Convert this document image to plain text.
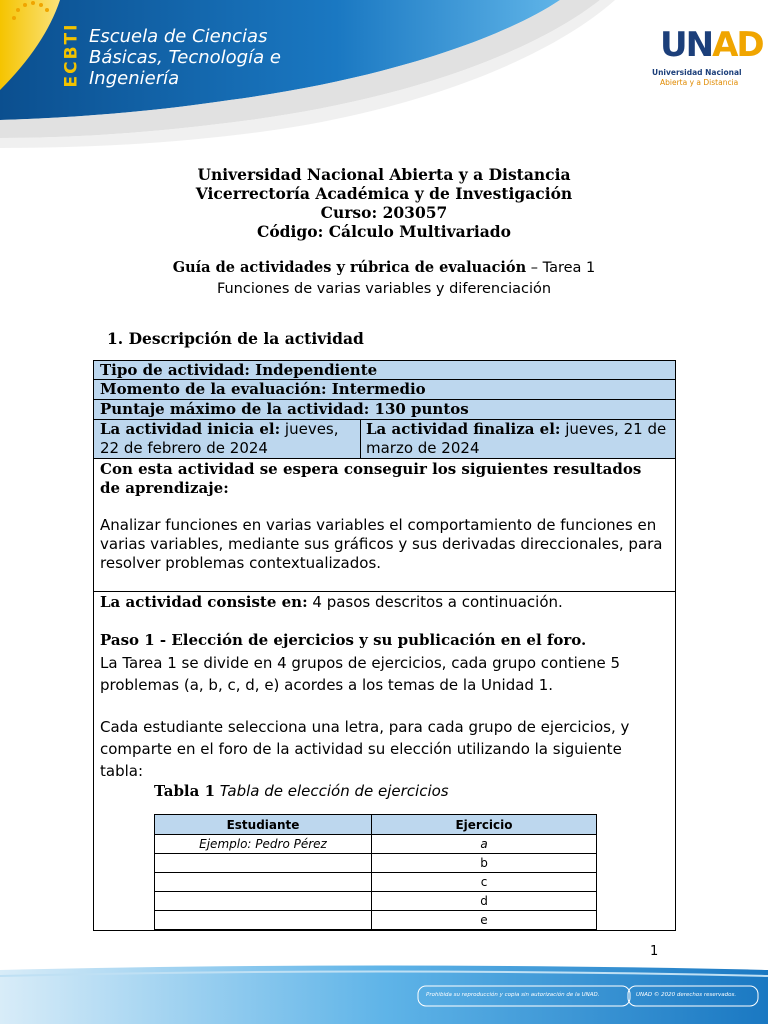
ECBTI Escuela de Ciencias
Básicas, Tecnología e
Ingeniería
UNAD
Universidad Nacional
Abierta y a Distancia
Universidad Nacional Abierta y a Distancia
Vicerrectoría Académica y de Investigación
Curso: 203057
Código: Cálculo Multivariado
Guía de actividades y rúbrica de evaluación – Tarea 1
Funciones de varias variables y diferenciación
1. Descripción de la actividad
Tipo de actividad: Independiente
Momento de la evaluación: Intermedio
Puntaje máximo de la actividad: 130 puntos
La actividad inicia el: jueves,
22 de febrero de 2024
La actividad finaliza el: jueves, 21 de
marzo de 2024
Con esta actividad se espera conseguir los siguientes resultados
de aprendizaje:
Analizar funciones en varias variables el comportamiento de funciones en
varias variables, mediante sus gráficos y sus derivadas direccionales, para
resolver problemas contextualizados.
La actividad consiste en: 4 pasos descritos a continuación.
Paso 1 - Elección de ejercicios y su publicación en el foro.
La Tarea 1 se divide en 4 grupos de ejercicios, cada grupo contiene 5
problemas (a, b, c, d, e) acordes a los temas de la Unidad 1.
Cada estudiante selecciona una letra, para cada grupo de ejercicios, y
comparte en el foro de la actividad su elección utilizando la siguiente
tabla:
Tabla 1 Tabla de elección de ejercicios
Estudiante	Ejercicio
Ejemplo: Pedro Pérez	a
	b
	c
	d
	e
1
Prohibida su reproducción y copia sin autorización de la UNAD.	UNAD © 2020 derechos reservados.
